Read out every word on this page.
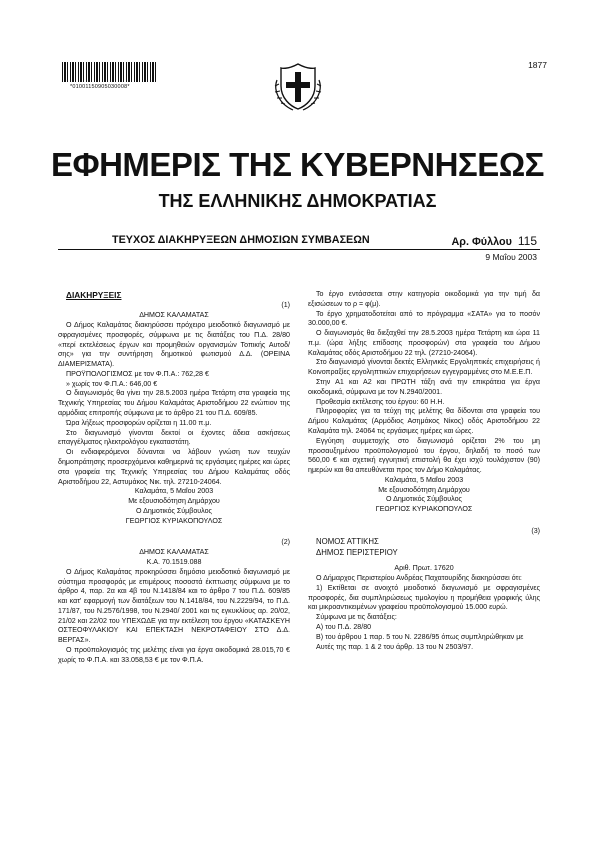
*01001150905030008*
1877
ΕΦΗΜΕΡΙΣ ΤΗΣ ΚΥΒΕΡΝΗΣΕΩΣ
ΤΗΣ ΕΛΛΗΝΙΚΗΣ ΔΗΜΟΚΡΑΤΙΑΣ
ΤΕΥΧΟΣ ΔΙΑΚΗΡΥΞΕΩΝ ΔΗΜΟΣΙΩΝ ΣΥΜΒΑΣΕΩΝ	Αρ. Φύλλου 115
9 Μαΐου 2003

ΔΙΑΚΗΡΥΞΕΙΣ

(1)

ΔΗΜΟΣ ΚΑΛΑΜΑΤΑΣ

Ο Δήμος Καλαμάτας διακηρύσσει πρόχειρο μειοδοτικό διαγωνισμό με σφραγισμένες προσφορές, σύμφωνα με τις διατάξεις του Π.Δ. 28/80 «περί εκτελέσεως έργων και προμηθειών οργανισμών Τοπικής Αυτοδ/σης» για την συντήρηση δημοτικού φωτισμού Δ.Δ. (ΟΡΕΙΝΑ ΔΙΑΜΕΡΙΣΜΑΤΑ).

ΠΡΟΫΠΟΛΟΓΙΣΜΟΣ με τον Φ.Π.Α.: 762,28 €

» χωρίς τον Φ.Π.Α.: 646,00 €

Ο διαγωνισμός θα γίνει την 28.5.2003 ημέρα Τετάρτη στα γραφεία της Τεχνικής Υπηρεσίας του Δήμου Καλαμάτας Αριστοδήμου 22 ενώπιον της αρμόδιας επιτροπής σύμφωνα με το άρθρο 21 του Π.Δ. 609/85.

Ώρα λήξεως προσφορών ορίζεται η 11.00 π.μ.

Στο διαγωνισμό γίνονται δεκτοί οι έχοντες άδεια ασκήσεως επαγγέλματος ηλεκτρολόγου εγκαταστάτη.

Οι ενδιαφερόμενοι δύνανται να λάβουν γνώση των τευχών δημοπράτησης προσερχόμενοι καθημερινά τις εργάσιμες ημέρες και ώρες στα γραφεία της Τεχνικής Υπηρεσίας του Δήμου Καλαμάτας οδός Αριστοδήμου 22, Αστυμάκος Νικ. τηλ. 27210-24064.

Καλαμάτα, 5 Μαΐου 2003

Με εξουσιοδότηση Δημάρχου

Ο Δημοτικός Σύμβουλος

ΓΕΩΡΓΙΟΣ ΚΥΡΙΑΚΟΠΟΥΛΟΣ

(2)

ΔΗΜΟΣ ΚΑΛΑΜΑΤΑΣ

Κ.Α. 70.1519.088

Ο Δήμος Καλαμάτας προκηρύσσει δημόσιο μειοδοτικό διαγωνισμό με σύστημα προσφοράς με επιμέρους ποσοστά έκπτωσης σύμφωνα με το άρθρο 4, παρ. 2α και 4β του Ν.1418/84 και το άρθρο 7 του Π.Δ. 609/85 και κατ' εφαρμογή των διατάξεων του Ν.1418/84, του Ν.2229/94, το Π.Δ. 171/87, του Ν.2576/1998, του Ν.2940/ 2001 και τις εγκυκλίους αρ. 20/02, 21/02 και 22/02 του ΥΠΕΧΩΔΕ για την εκτέλεση του έργου «ΚΑΤΑΣΚΕΥΗ ΟΣΤΕΟΦΥΛΑΚΙΟΥ ΚΑΙ ΕΠΕΚΤΑΣΗ ΝΕΚΡΟΤΑΦΕΙΟΥ ΣΤΟ Δ.Δ. ΒΕΡΓΑΣ».

Ο προϋπολογισμός της μελέτης είναι για έργα οικοδομικά 28.015,70 € χωρίς το Φ.Π.Α. και 33.058,53 € με τον Φ.Π.Α.

Το έργο εντάσσεται στην κατηγορία οικοδομικά για την τιμή δα εξισώσεων το ρ = φ(μ).

Το έργο χρηματοδοτείται από το πρόγραμμα «ΣΑΤΑ» για το ποσόν 30.000,00 €.

Ο διαγωνισμός θα διεξαχθεί την 28.5.2003 ημέρα Τετάρτη και ώρα 11 π.μ. (ώρα λήξης επίδοσης προσφορών) στα γραφεία του Δήμου Καλαμάτας οδός Αριστοδήμου 22 τηλ. (27210-24064).

Στο διαγωνισμό γίνονται δεκτές Ελληνικές Εργοληπτικές επιχειρήσεις ή Κοινοπραξίες εργοληπτικών επιχειρήσεων εγγεγραμμένες στο Μ.Ε.Ε.Π.

Στην Α1 και Α2 και ΠΡΩΤΗ τάξη ανά την επικράτεια για έργα οικοδομικά, σύμφωνα με τον Ν.2940/2001.

Προθεσμία εκτέλεσης του έργου: 60 Η.Η.

Πληροφορίες για τα τεύχη της μελέτης θα δίδονται στα γραφεία του Δήμου Καλαμάτας (Αρμόδιος Ασημάκος Νίκος) οδός Αριστοδήμου 22 Καλαμάτα τηλ. 24064 τις εργάσιμες ημέρες και ώρες.

Εγγύηση συμμετοχής στο διαγωνισμό ορίζεται 2% του μη προσαυξημένου προϋπολογισμού του έργου, δηλαδή το ποσό των 560,00 € και σχετική εγγυητική επιστολή θα έχει ισχύ τουλάχιστον (90) ημερών και θα απευθύνεται προς τον Δήμο Καλαμάτας.

Καλαμάτα, 5 Μαΐου 2003

Με εξουσιοδότηση Δημάρχου

Ο Δημοτικός Σύμβουλος

ΓΕΩΡΓΙΟΣ ΚΥΡΙΑΚΟΠΟΥΛΟΣ

(3)

ΝΟΜΟΣ ΑΤΤΙΚΗΣ

ΔΗΜΟΣ ΠΕΡΙΣΤΕΡΙΟΥ

Αριθ. Πρωτ. 17620

Ο Δήμαρχος Περιστερίου Ανδρέας Παχατουρίδης διακηρύσσει ότι:

1) Εκτίθεται σε ανοιχτό μειοδοτικό διαγωνισμό με σφραγισμένες προσφορές, δια συμπληρώσεως τιμολογίου η προμήθεια γραφικής ύλης και μικροαντικειμένων γραφείου προϋπολογισμού 15.000 ευρώ.

Σύμφωνα με τις διατάξεις:

Α) του Π.Δ. 28/80

Β) του άρθρου 1 παρ. 5 του Ν. 2286/95 όπως συμπληρώθηκαν με

Αυτές της παρ. 1 & 2 του άρθρ. 13 του Ν 2503/97.
